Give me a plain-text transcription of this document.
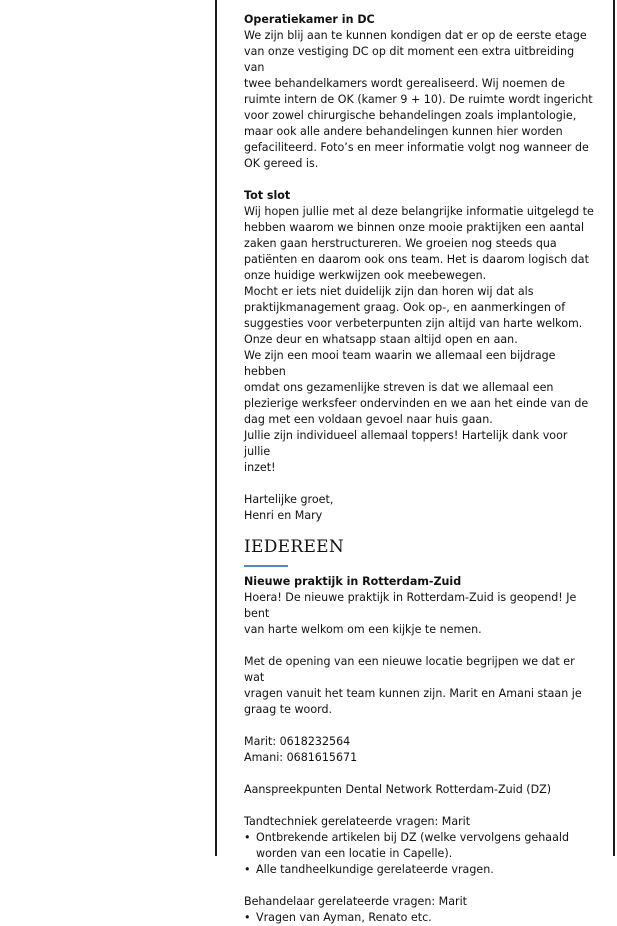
Operatiekamer in DC
We zijn blij aan te kunnen kondigen dat er op de eerste etage
van onze vestiging DC op dit moment een extra uitbreiding van
twee behandelkamers wordt gerealiseerd. Wij noemen de
ruimte intern de OK (kamer 9 + 10). De ruimte wordt ingericht
voor zowel chirurgische behandelingen zoals implantologie,
maar ook alle andere behandelingen kunnen hier worden
gefaciliteerd. Foto’s en meer informatie volgt nog wanneer de
OK gereed is.
Tot slot
Wij hopen jullie met al deze belangrijke informatie uitgelegd te
hebben waarom we binnen onze mooie praktijken een aantal
zaken gaan herstructureren. We groeien nog steeds qua
patiënten en daarom ook ons team. Het is daarom logisch dat
onze huidige werkwijzen ook meebewegen.
Mocht er iets niet duidelijk zijn dan horen wij dat als
praktijkmanagement graag. Ook op-, en aanmerkingen of
suggesties voor verbeterpunten zijn altijd van harte welkom.
Onze deur en whatsapp staan altijd open en aan.
We zijn een mooi team waarin we allemaal een bijdrage hebben
omdat ons gezamenlijke streven is dat we allemaal een
plezierige werksfeer ondervinden en we aan het einde van de
dag met een voldaan gevoel naar huis gaan.
Jullie zijn individueel allemaal toppers! Hartelijk dank voor jullie
inzet!
Hartelijke groet,
Henri en Mary
IEDEREEN
Nieuwe praktijk in Rotterdam-Zuid
Hoera! De nieuwe praktijk in Rotterdam-Zuid is geopend! Je bent
van harte welkom om een kijkje te nemen.
Met de opening van een nieuwe locatie begrijpen we dat er wat
vragen vanuit het team kunnen zijn. Marit en Amani staan je
graag te woord.
Marit: 0618232564
Amani: 0681615671
Aanspreekpunten Dental Network Rotterdam-Zuid (DZ)
Tandtechniek gerelateerde vragen: Marit
• Ontbrekende artikelen bij DZ (welke vervolgens gehaald
worden van een locatie in Capelle).
• Alle tandheelkundige gerelateerde vragen.
Behandelaar gerelateerde vragen: Marit
• Vragen van Ayman, Renato etc.
